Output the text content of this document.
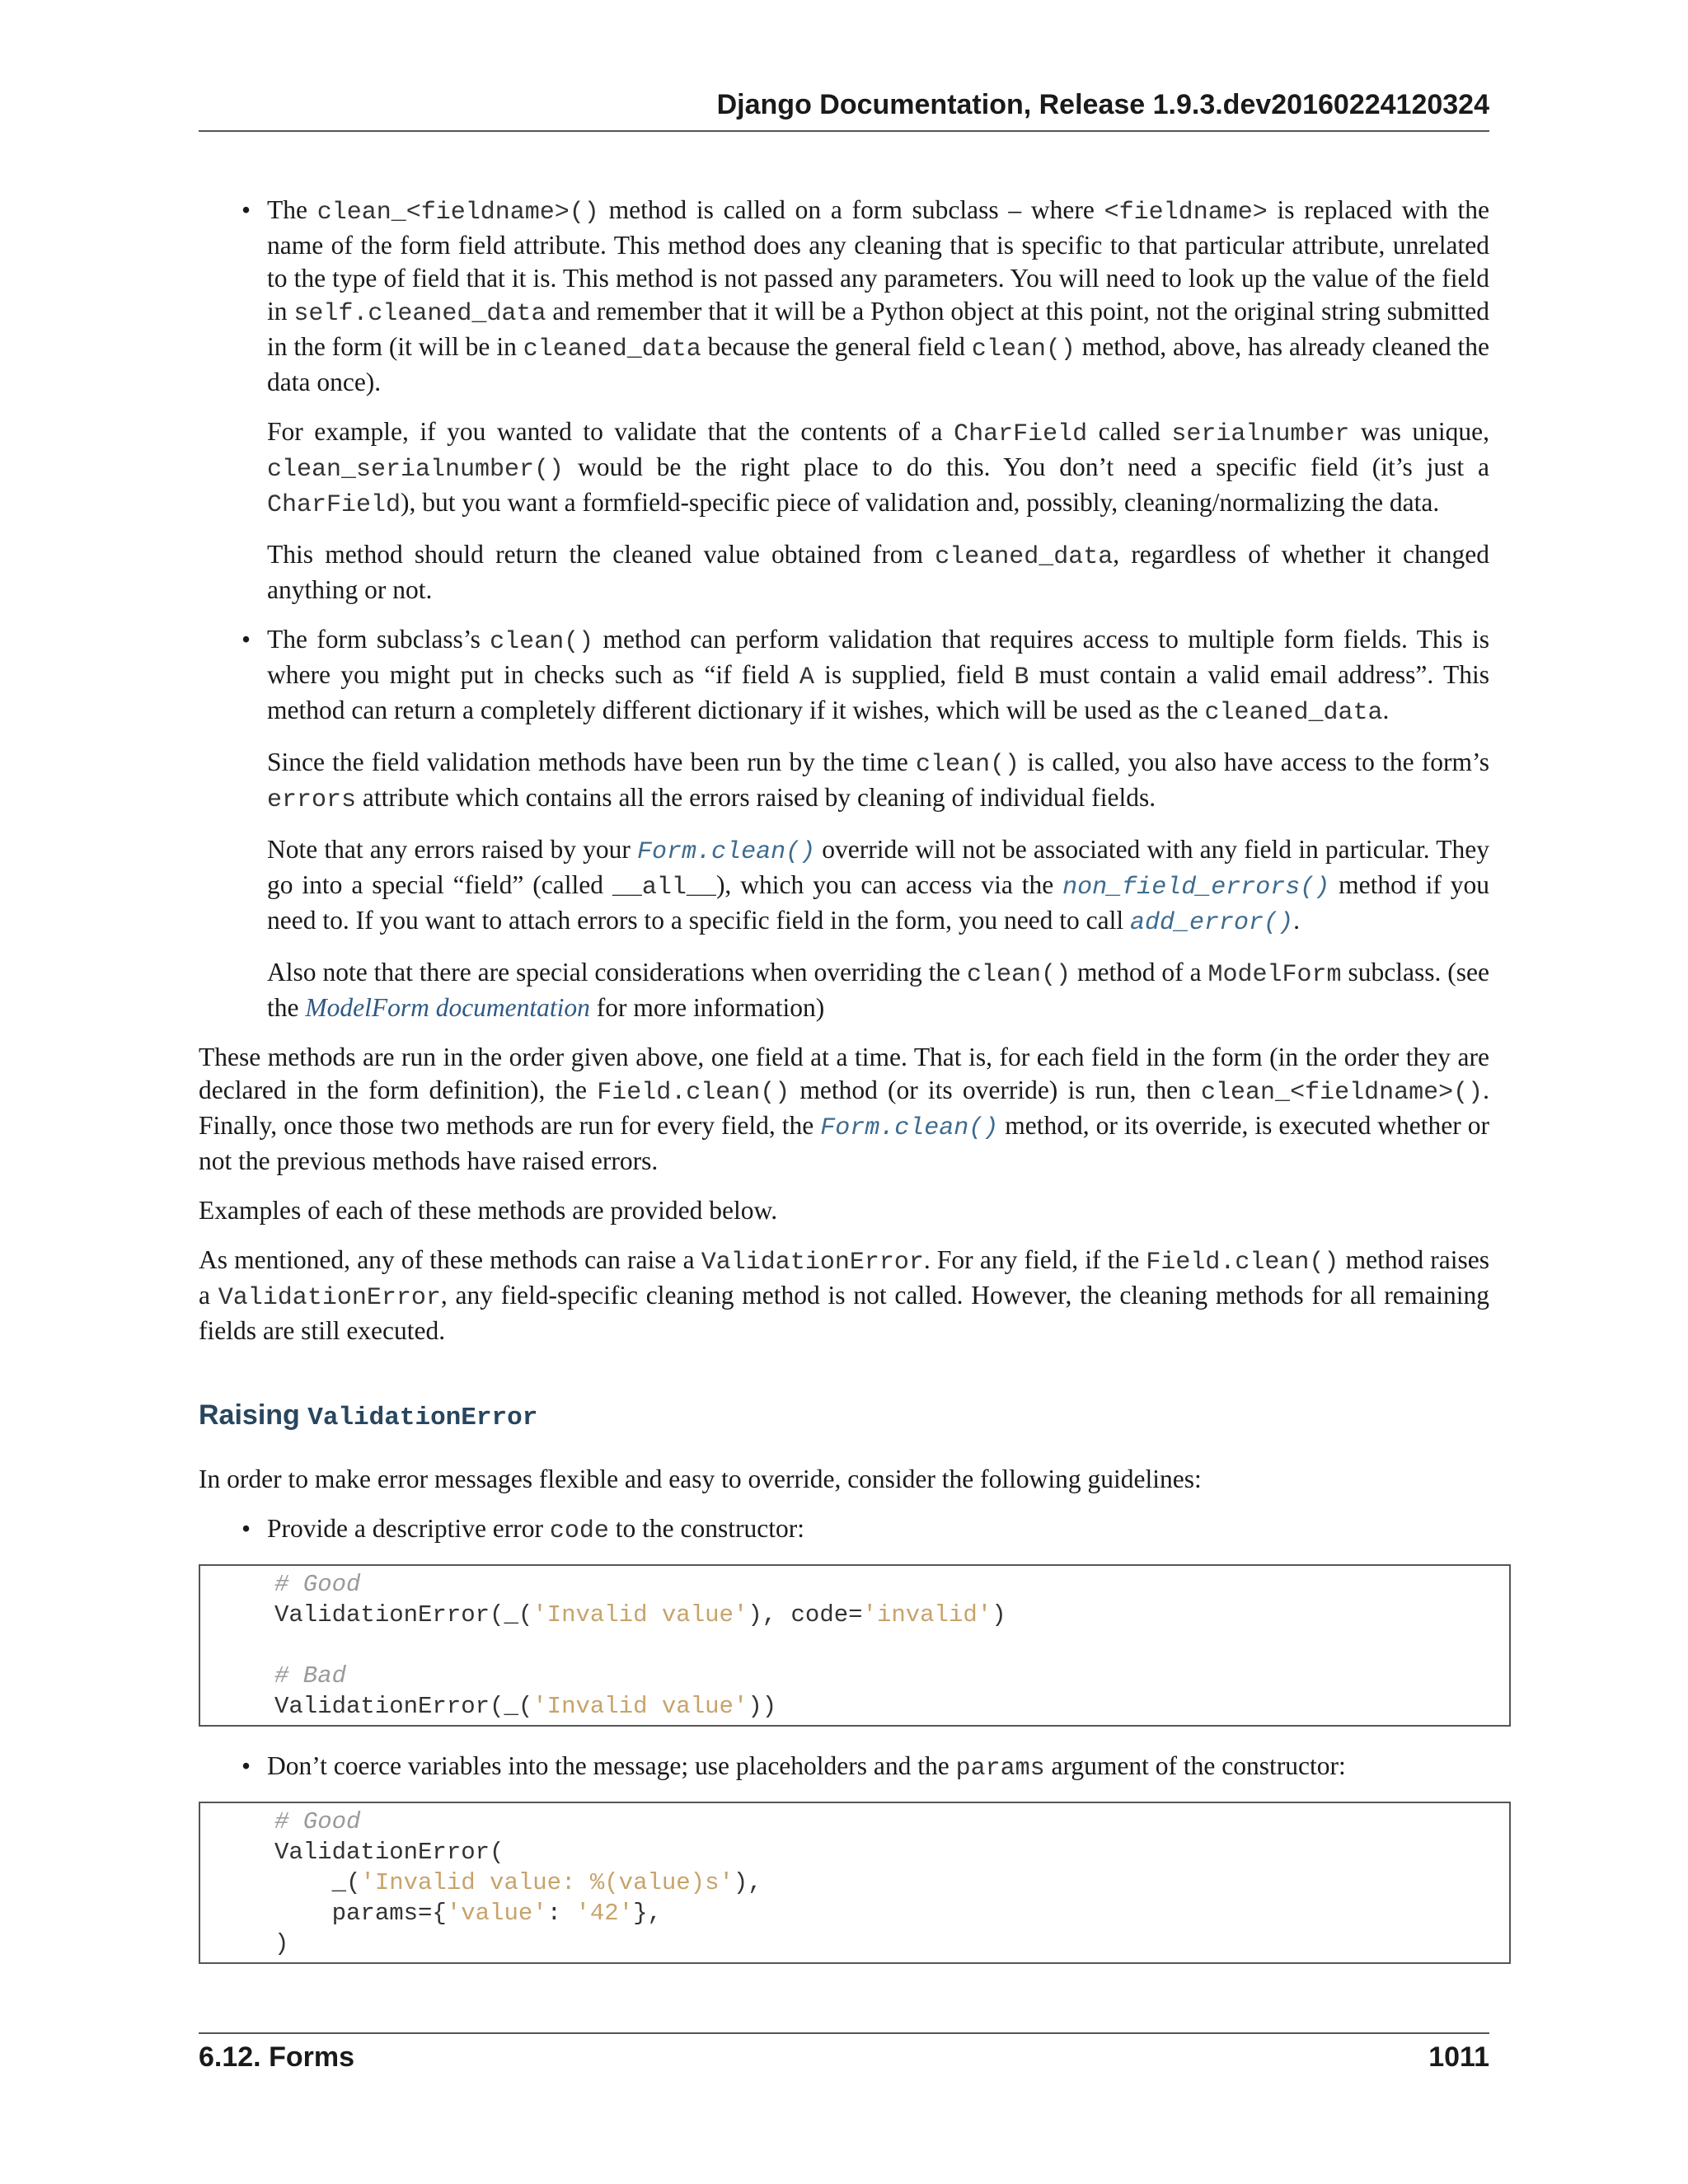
Django Documentation, Release 1.9.3.dev20160224120324
• The clean_<fieldname>() method is called on a form subclass – where <fieldname> is replaced with the name of the form field attribute. This method does any cleaning that is specific to that particular attribute, unrelated to the type of field that it is. This method is not passed any parameters. You will need to look up the value of the field in self.cleaned_data and remember that it will be a Python object at this point, not the original string submitted in the form (it will be in cleaned_data because the general field clean() method, above, has already cleaned the data once).

For example, if you wanted to validate that the contents of a CharField called serialnumber was unique, clean_serialnumber() would be the right place to do this. You don’t need a specific field (it’s just a CharField), but you want a formfield-specific piece of validation and, possibly, cleaning/normalizing the data.

This method should return the cleaned value obtained from cleaned_data, regardless of whether it changed anything or not.

• The form subclass’s clean() method can perform validation that requires access to multiple form fields. This is where you might put in checks such as “if field A is supplied, field B must contain a valid email address”. This method can return a completely different dictionary if it wishes, which will be used as the cleaned_data.

Since the field validation methods have been run by the time clean() is called, you also have access to the form’s errors attribute which contains all the errors raised by cleaning of individual fields.

Note that any errors raised by your Form.clean() override will not be associated with any field in particular. They go into a special “field” (called __all__), which you can access via the non_field_errors() method if you need to. If you want to attach errors to a specific field in the form, you need to call add_error().

Also note that there are special considerations when overriding the clean() method of a ModelForm subclass. (see the ModelForm documentation for more information)

These methods are run in the order given above, one field at a time. That is, for each field in the form (in the order they are declared in the form definition), the Field.clean() method (or its override) is run, then clean_<fieldname>(). Finally, once those two methods are run for every field, the Form.clean() method, or its override, is executed whether or not the previous methods have raised errors.

Examples of each of these methods are provided below.

As mentioned, any of these methods can raise a ValidationError. For any field, if the Field.clean() method raises a ValidationError, any field-specific cleaning method is not called. However, the cleaning methods for all remaining fields are still executed.

Raising ValidationError

In order to make error messages flexible and easy to override, consider the following guidelines:

• Provide a descriptive error code to the constructor:

# Good
ValidationError(_('Invalid value'), code='invalid')

# Bad
ValidationError(_('Invalid value'))
• Don’t coerce variables into the message; use placeholders and the params argument of the constructor:

# Good
ValidationError(
_('Invalid value: %(value)s'),
params={'value': '42'},
)
6.12. Forms	1011
